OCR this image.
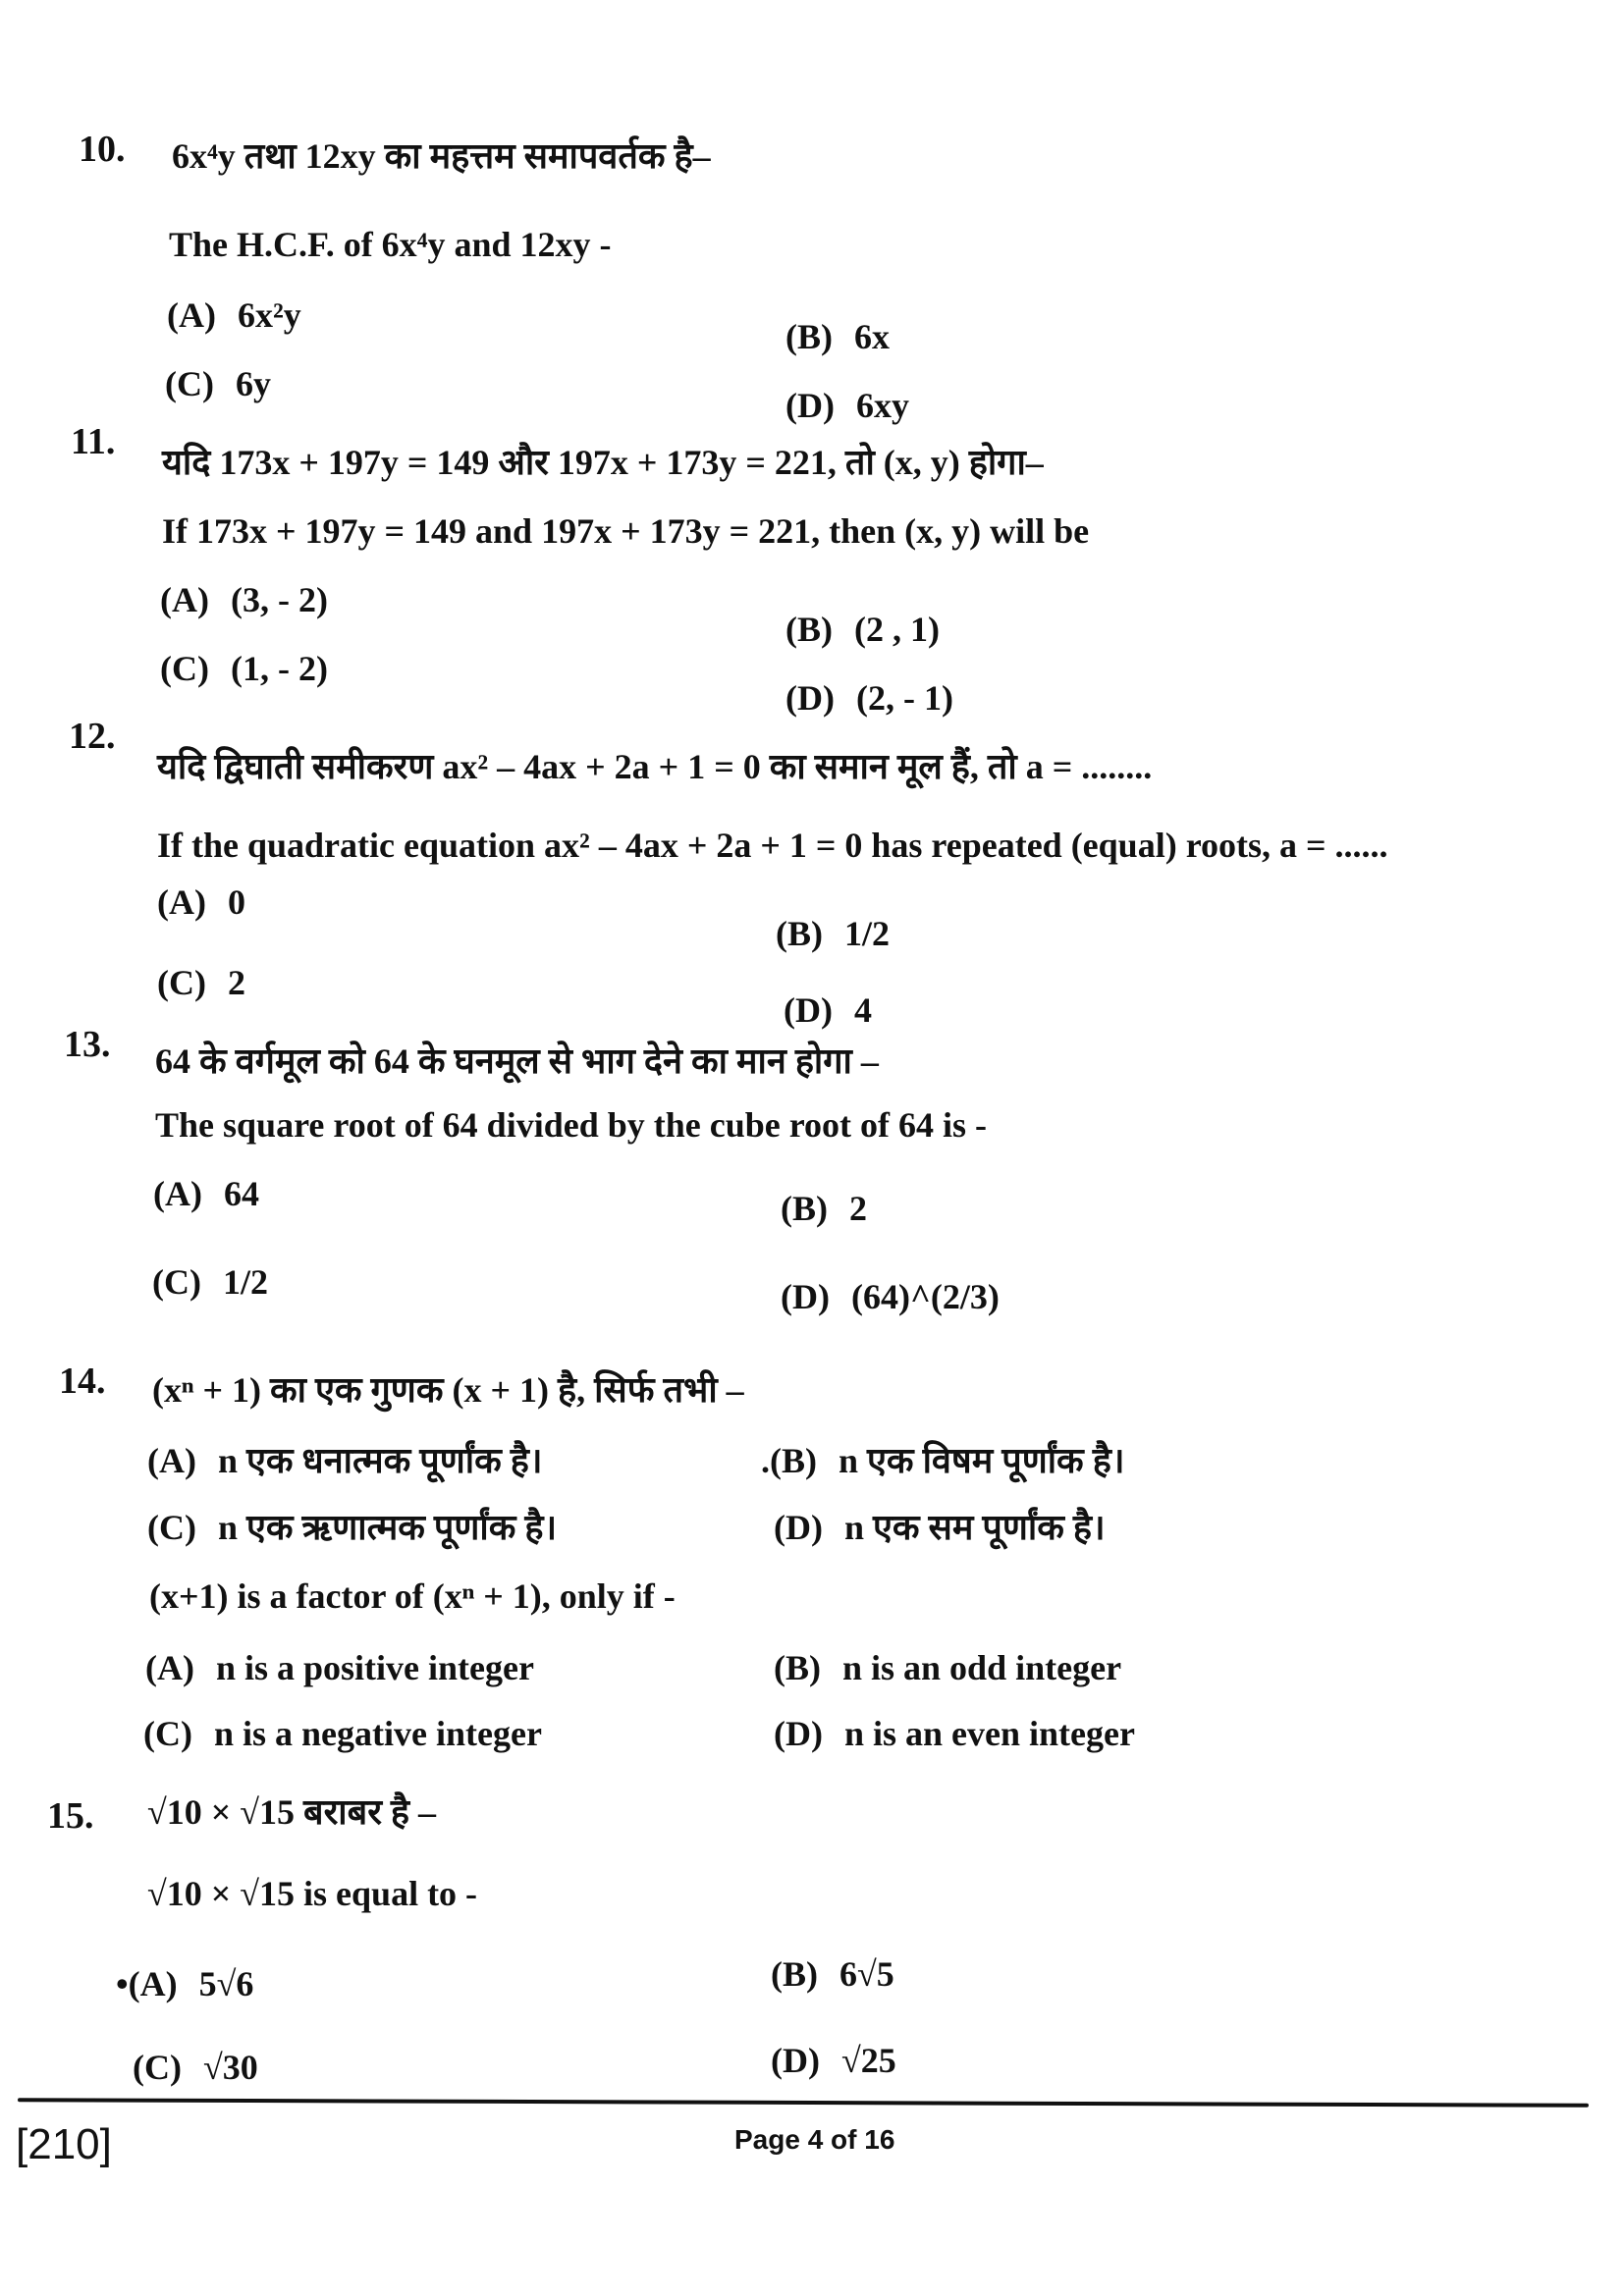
10. 6x⁴y तथा 12xy का महत्तम समापवर्तक है–
The H.C.F. of 6x⁴y and 12xy -
(A) 6x²y
(B) 6x
(C) 6y
(D) 6xy
11. यदि 173x + 197y = 149 और 197x + 173y = 221, तो (x, y) होगा–
If 173x + 197y = 149 and 197x + 173y = 221, then (x, y) will be
(A) (3, - 2)
(B) (2 , 1)
(C) (1, - 2)
(D) (2, - 1)
12.
यदि द्विघाती समीकरण ax² – 4ax + 2a + 1 = 0 का समान मूल हैं, तो a = ........
If the quadratic equation ax² – 4ax + 2a + 1 = 0 has repeated (equal) roots, a = ......
(A) 0
(B) 1/2
(C) 2
(D) 4
13. 64 के वर्गमूल को 64 के घनमूल से भाग देने का मान होगा –
The square root of 64 divided by the cube root of 64 is -
(A) 64	(B) 2
(C) 1/2	(D) (64)^(2/3)
14. (xⁿ + 1) का एक गुणक (x + 1) है, सिर्फ तभी –
(A) n एक धनात्मक पूर्णांक है।	.(B) n एक विषम पूर्णांक है।
(C) n एक ऋणात्मक पूर्णांक है।	(D) n एक सम पूर्णांक है।
(x+1) is a factor of (xⁿ + 1), only if -
(A) n is a positive integer	(B) n is an odd integer
(C) n is a negative integer	(D) n is an even integer
15. √10 × √15 बराबर है –
√10 × √15 is equal to -
•(A) 5√6	(B) 6√5
(C) √30	(D) √25
[210]	Page 4 of 16
